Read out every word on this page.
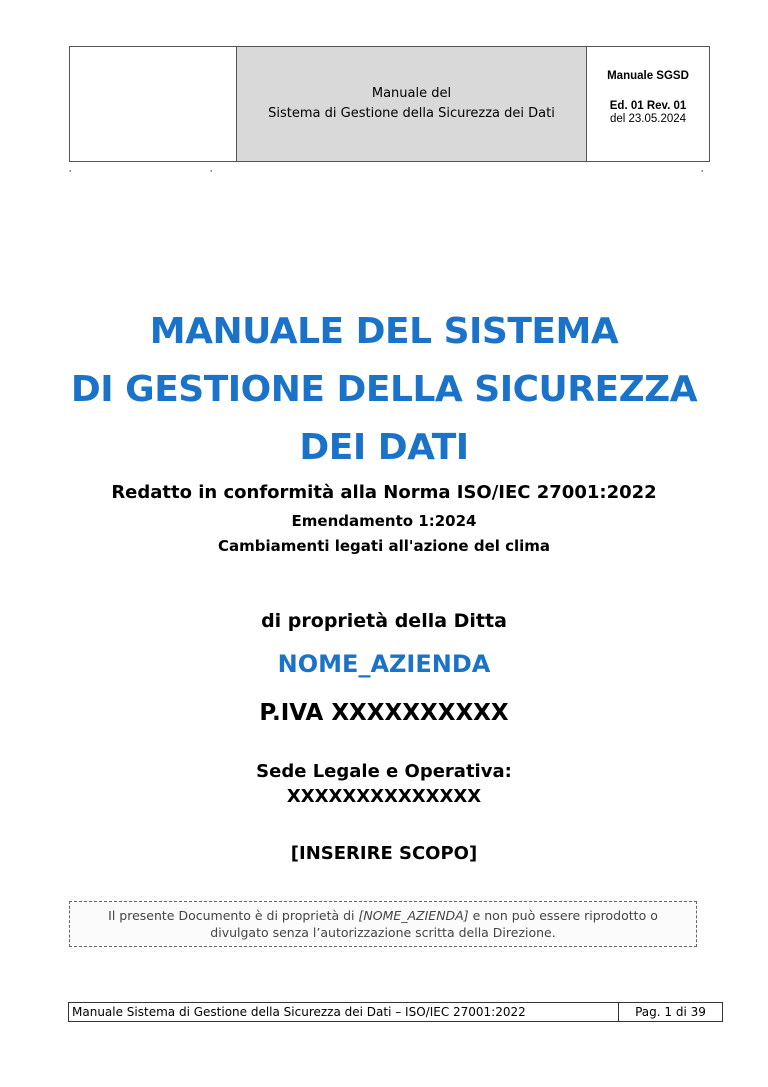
Manuale del
Sistema di Gestione della Sicurezza dei Dati
Manuale SGSD
Ed. 01 Rev. 01
del 23.05.2024
●	●	●
MANUALE DEL SISTEMA
DI GESTIONE DELLA SICUREZZA
DEI DATI
Redatto in conformità alla Norma ISO/IEC 27001:2022
Emendamento 1:2024
Cambiamenti legati all'azione del clima
di proprietà della Ditta
NOME_AZIENDA
P.IVA XXXXXXXXXX
Sede Legale e Operativa:
XXXXXXXXXXXXXX
[INSERIRE SCOPO]
Il presente Documento è di proprietà di [NOME_AZIENDA] e non può essere riprodotto o
divulgato senza l’autorizzazione scritta della Direzione.
Manuale Sistema di Gestione della Sicurezza dei Dati – ISO/IEC 27001:2022	Pag. 1 di 39
